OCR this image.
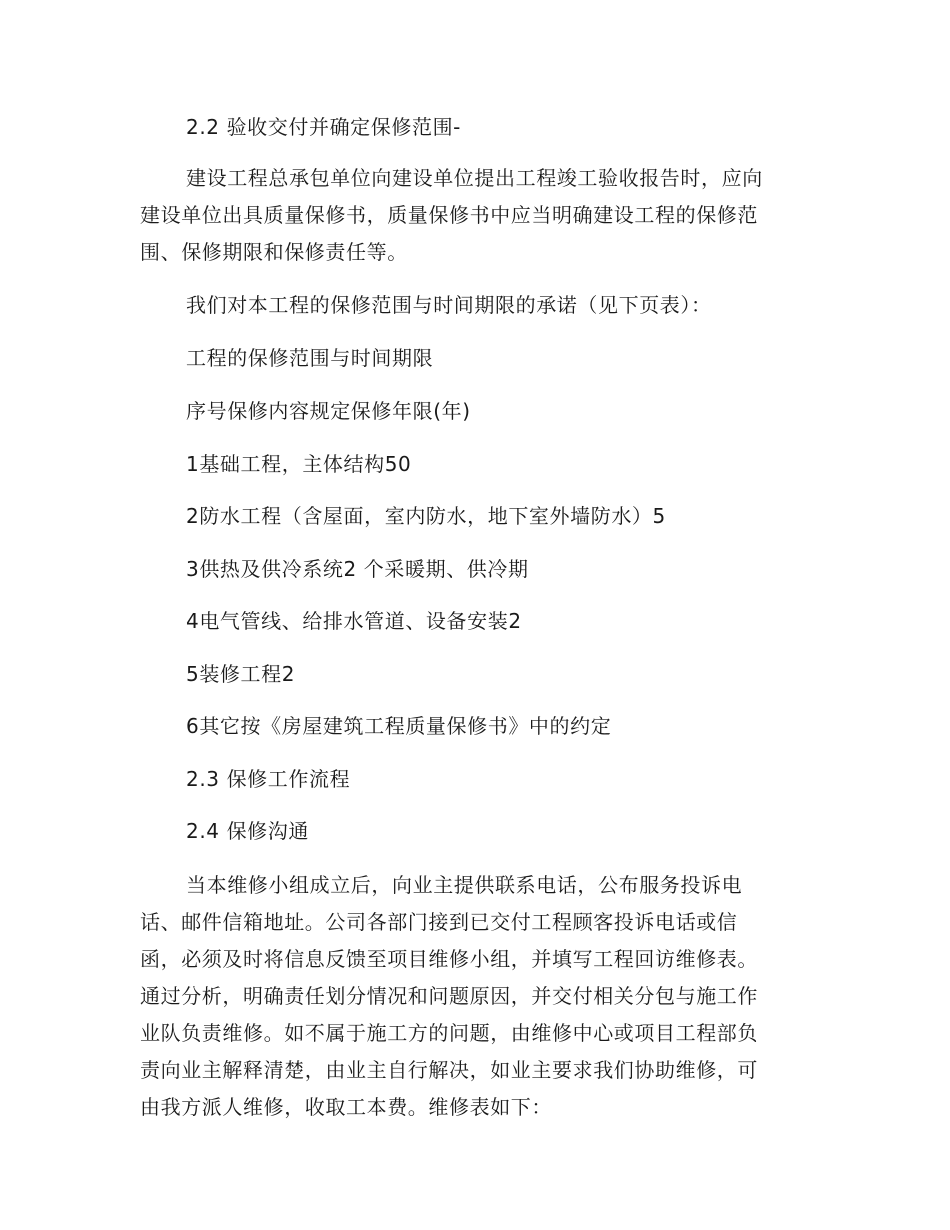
2.2 验收交付并确定保修范围-
建设工程总承包单位向建设单位提出工程竣工验收报告时，应向
建设单位出具质量保修书，质量保修书中应当明确建设工程的保修范
围、保修期限和保修责任等。
我们对本工程的保修范围与时间期限的承诺（见下页表）：
工程的保修范围与时间期限
序号保修内容规定保修年限(年)
1基础工程，主体结构50
2防水工程（含屋面，室内防水，地下室外墙防水）5
3供热及供冷系统2 个采暖期、供冷期
4电气管线、给排水管道、设备安装2
5装修工程2
6其它按《房屋建筑工程质量保修书》中的约定
2.3 保修工作流程
2.4 保修沟通
当本维修小组成立后，向业主提供联系电话，公布服务投诉电
话、邮件信箱地址。公司各部门接到已交付工程顾客投诉电话或信
函，必须及时将信息反馈至项目维修小组，并填写工程回访维修表。
通过分析，明确责任划分情况和问题原因，并交付相关分包与施工作
业队负责维修。如不属于施工方的问题，由维修中心或项目工程部负
责向业主解释清楚，由业主自行解决，如业主要求我们协助维修，可
由我方派人维修，收取工本费。维修表如下：
